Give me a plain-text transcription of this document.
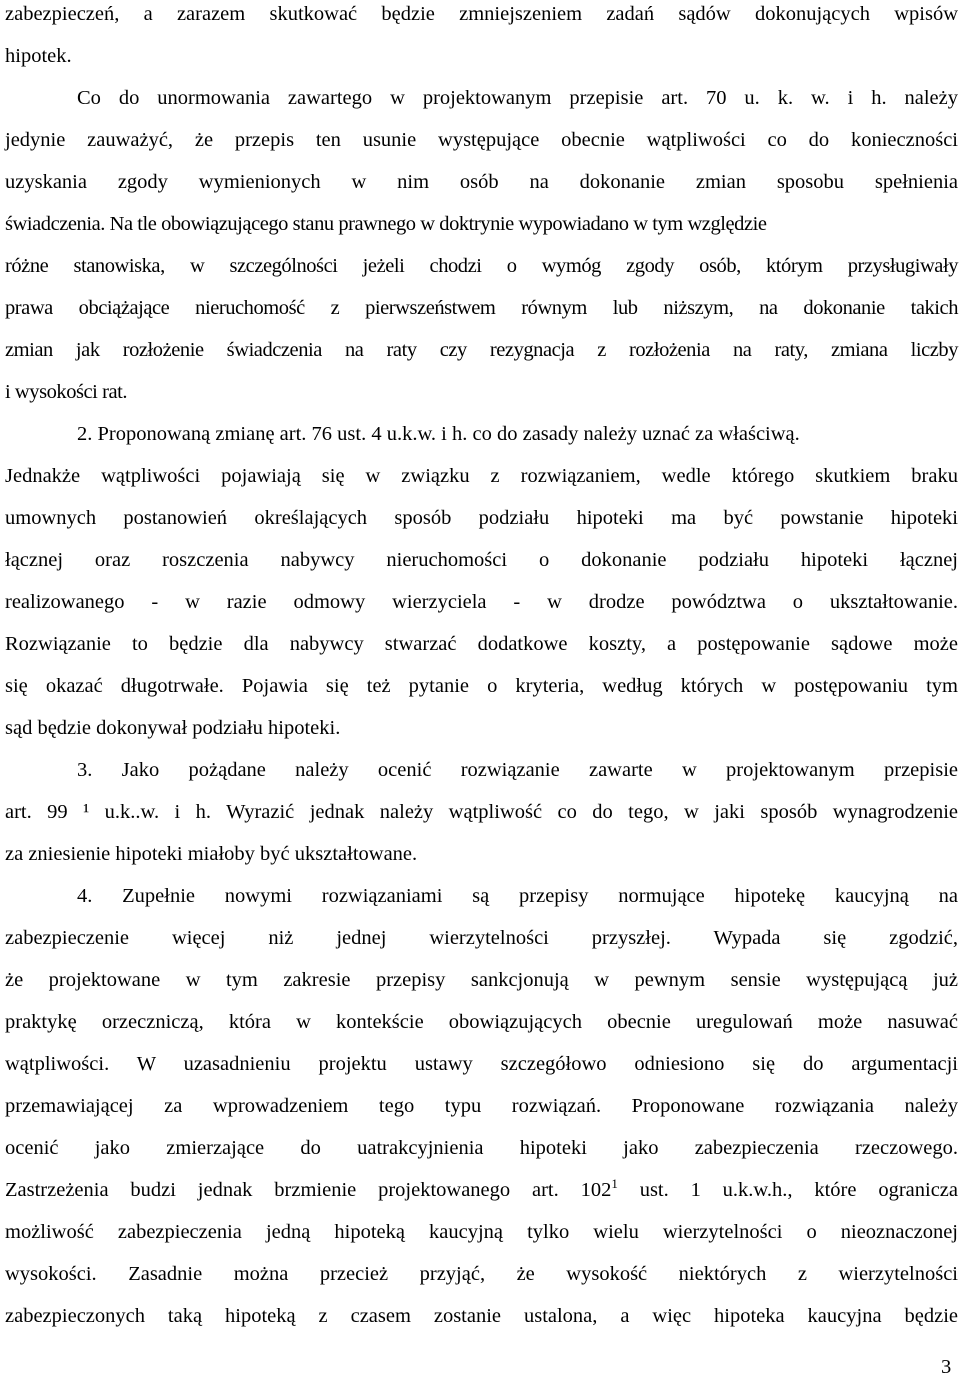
zabezpieczeń, a zarazem skutkować będzie zmniejszeniem zadań sądów dokonujących wpisów
hipotek.
Co do unormowania zawartego w projektowanym przepisie art. 70 u. k. w. i h. należy
jedynie zauważyć, że przepis ten usunie występujące obecnie wątpliwości co do konieczności
uzyskania zgody wymienionych w nim osób na dokonanie zmian sposobu spełnienia
świadczenia. Na tle obowiązującego stanu prawnego w doktrynie wypowiadano w tym względzie
różne stanowiska, w szczególności jeżeli chodzi o wymóg zgody osób, którym przysługiwały
prawa obciążające nieruchomość z pierwszeństwem równym lub niższym, na dokonanie takich
zmian jak rozłożenie świadczenia na raty czy rezygnacja z rozłożenia na raty, zmiana liczby
i wysokości rat.
2. Proponowaną zmianę art. 76 ust. 4 u.k.w. i h. co do zasady należy uznać za właściwą.
Jednakże wątpliwości pojawiają się w związku z rozwiązaniem, wedle którego skutkiem braku
umownych postanowień określających sposób podziału hipoteki ma być powstanie hipoteki
łącznej oraz roszczenia nabywcy nieruchomości o dokonanie podziału hipoteki łącznej
realizowanego - w razie odmowy wierzyciela - w drodze powództwa o ukształtowanie.
Rozwiązanie to będzie dla nabywcy stwarzać dodatkowe koszty, a postępowanie sądowe może
się okazać długotrwałe. Pojawia się też pytanie o kryteria, według których w postępowaniu tym
sąd będzie dokonywał podziału hipoteki.
3. Jako pożądane należy ocenić rozwiązanie zawarte w projektowanym przepisie
art. 99 ¹ u.k..w. i h. Wyrazić jednak należy wątpliwość co do tego, w jaki sposób wynagrodzenie
za zniesienie hipoteki miałoby być ukształtowane.
4. Zupełnie nowymi rozwiązaniami są przepisy normujące hipotekę kaucyjną na
zabezpieczenie więcej niż jednej wierzytelności przyszłej. Wypada się zgodzić,
że projektowane w tym zakresie przepisy sankcjonują w pewnym sensie występującą już
praktykę orzeczniczą, która w kontekście obowiązujących obecnie uregulowań może nasuwać
wątpliwości. W uzasadnieniu projektu ustawy szczegółowo odniesiono się do argumentacji
przemawiającej za wprowadzeniem tego typu rozwiązań. Proponowane rozwiązania należy
ocenić jako zmierzające do uatrakcyjnienia hipoteki jako zabezpieczenia rzeczowego.
Zastrzeżenia budzi jednak brzmienie projektowanego art. $102^1$ ust. 1 u.k.w.h., które ogranicza
możliwość zabezpieczenia jedną hipoteką kaucyjną tylko wielu wierzytelności o nieoznaczonej
wysokości. Zasadnie można przecież przyjąć, że wysokość niektórych z wierzytelności
zabezpieczonych taką hipoteką z czasem zostanie ustalona, a więc hipoteka kaucyjna będzie
3
